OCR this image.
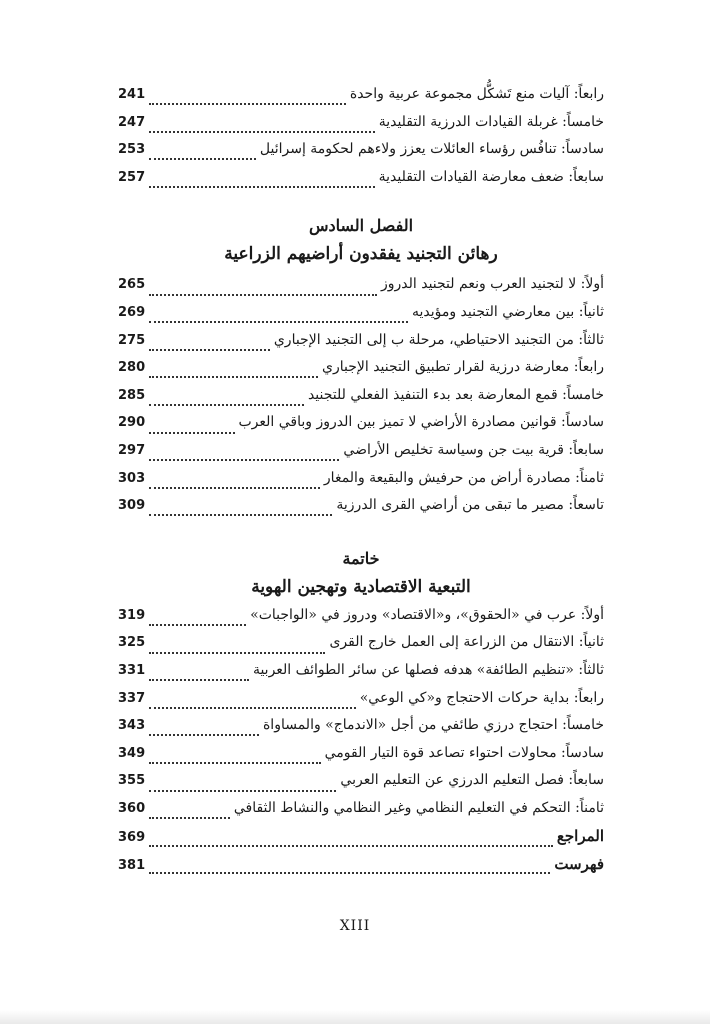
رابعاً: آليات منع تَشكُّل مجموعة عربية واحدة
241
خامساً: غربلة القيادات الدرزية التقليدية
247
سادساً: تنافُس رؤساء العائلات يعزز ولاءهم لحكومة إسرائيل
253
سابعاً: ضعف معارضة القيادات التقليدية
257
الفصل السادس
رهائن التجنيد يفقدون أراضيهم الزراعية
أولاً: لا لتجنيد العرب ونعم لتجنيد الدروز
265
ثانياً: بين معارضي التجنيد ومؤيديه
269
ثالثاً: من التجنيد الاحتياطي، مرحلة ب إلى التجنيد الإجباري
275
رابعاً: معارضة درزية لقرار تطبيق التجنيد الإجباري
280
خامساً: قمع المعارضة بعد بدء التنفيذ الفعلي للتجنيد
285
سادساً: قوانين مصادرة الأراضي لا تميز بين الدروز وباقي العرب
290
سابعاً: قرية بيت جن وسياسة تخليص الأراضي
297
ثامناً: مصادرة أراض من حرفيش والبقيعة والمغار
303
تاسعاً: مصير ما تبقى من أراضي القرى الدرزية
309
خاتمة
التبعية الاقتصادية وتهجين الهوية
أولاً: عرب في «الحقوق»، و«الاقتصاد» ودروز في «الواجبات»
319
ثانياً: الانتقال من الزراعة إلى العمل خارج القرى
325
ثالثاً: «تنظيم الطائفة» هدفه فصلها عن سائر الطوائف العربية
331
رابعاً: بداية حركات الاحتجاج و«كي الوعي»
337
خامساً: احتجاج درزي طائفي من أجل «الاندماج» والمساواة
343
سادساً: محاولات احتواء تصاعد قوة التيار القومي
349
سابعاً: فصل التعليم الدرزي عن التعليم العربي
355
ثامناً: التحكم في التعليم النظامي وغير النظامي والنشاط الثقافي
360
المراجع
369
فهرست
381
XIII
